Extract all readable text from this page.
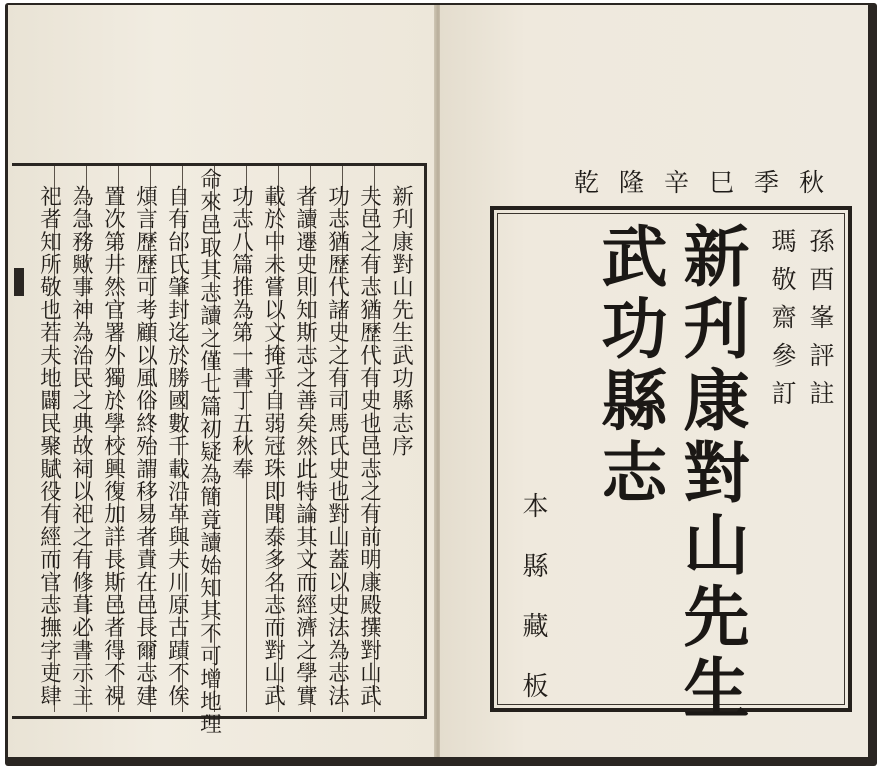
新刋康對山先生武功縣志序
夫邑之有志猶歷代有史也邑志之有前明康殿撰對山武
功志猶歷代諸史之有司馬氏史也對山蓋以史法為志法
者讀遷史則知斯志之善矣然此特論其文而經濟之學實
載於中未嘗以文掩乎自弱冠珠即聞泰多名志而對山武
功志八篇推為第一書丁五秋奉
命來邑取其志讀之僅七篇初疑為簡竟讀始知其不可增地理
自有邰氏肇封迄於勝國數千載沿革與夫川原古蹟不俟
煩言歷歷可考顧以風俗終殆謂移易者責在邑長爾志建
置次第井然官署外獨於學校興復加詳長斯邑者得不視
為急務歟事神為治民之典故祠以祀之有修葺必書示主
祀者知所敬也若夫地闢民聚賦役有經而官志撫字吏肆
乾隆辛巳季秋
孫酉峯評註
瑪敬齋參訂
新刋康對山先生
武功縣志
本縣藏板
